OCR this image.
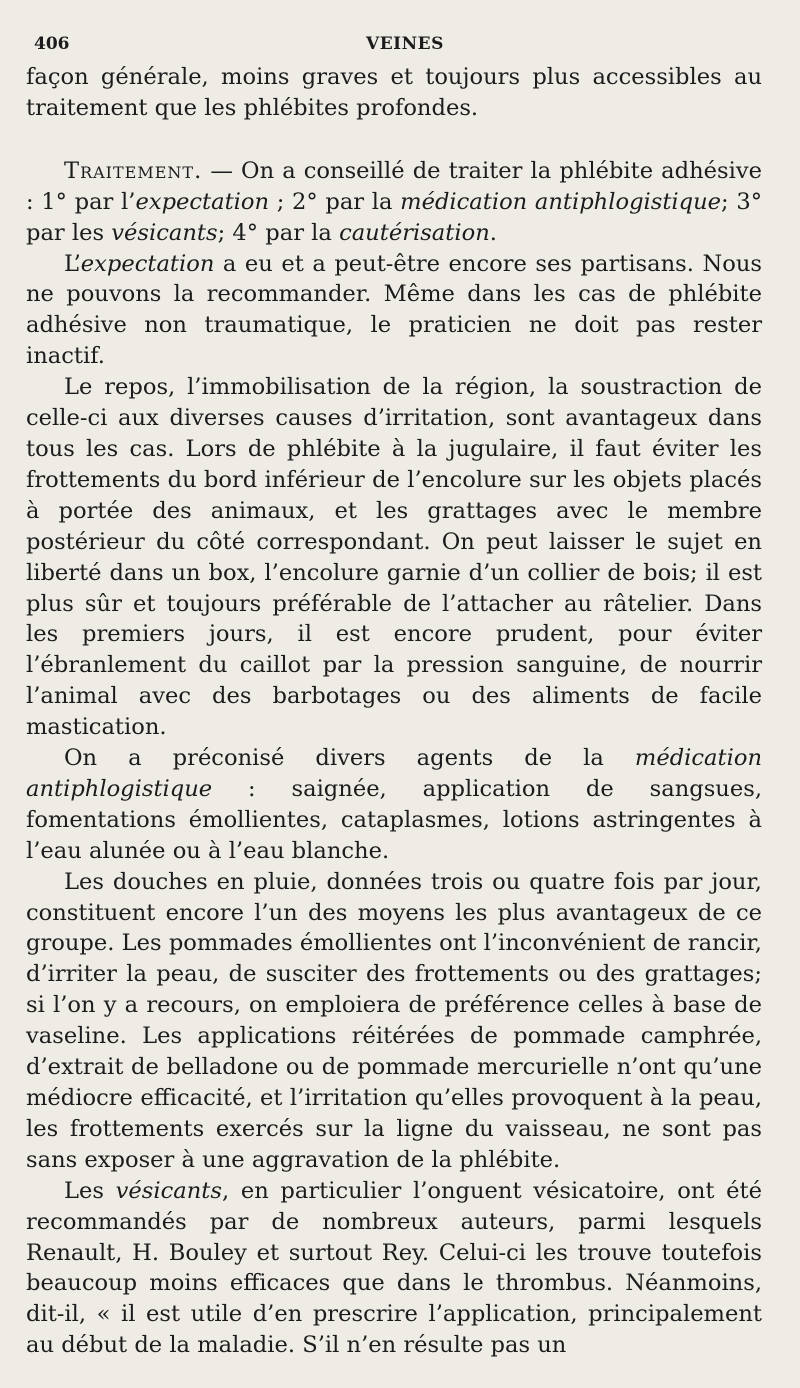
406	VEINES

façon générale, moins graves et toujours plus accessibles au traitement que les phlébites profondes.

Traitement. — On a conseillé de traiter la phlébite adhésive : 1° par l’expectation ; 2° par la médication antiphlogistique; 3° par les vésicants; 4° par la cautérisation.

L’expectation a eu et a peut-être encore ses partisans. Nous ne pouvons la recommander. Même dans les cas de phlébite adhésive non traumatique, le praticien ne doit pas rester inactif.

Le repos, l’immobilisation de la région, la soustraction de celle-ci aux diverses causes d’irritation, sont avantageux dans tous les cas. Lors de phlébite à la jugulaire, il faut éviter les frottements du bord inférieur de l’encolure sur les objets placés à portée des animaux, et les grattages avec le membre postérieur du côté correspondant. On peut laisser le sujet en liberté dans un box, l’encolure garnie d’un collier de bois; il est plus sûr et toujours préférable de l’attacher au râtelier. Dans les premiers jours, il est encore prudent, pour éviter l’ébranlement du caillot par la pression sanguine, de nourrir l’animal avec des barbotages ou des aliments de facile mastication.

On a préconisé divers agents de la médication antiphlogistique : saignée, application de sangsues, fomentations émollientes, cataplasmes, lotions astringentes à l’eau alunée ou à l’eau blanche.

Les douches en pluie, données trois ou quatre fois par jour, constituent encore l’un des moyens les plus avantageux de ce groupe. Les pommades émollientes ont l’inconvénient de rancir, d’irriter la peau, de susciter des frottements ou des grattages; si l’on y a recours, on emploiera de préférence celles à base de vaseline. Les applications réitérées de pommade camphrée, d’extrait de belladone ou de pommade mercurielle n’ont qu’une médiocre efficacité, et l’irritation qu’elles provoquent à la peau, les frottements exercés sur la ligne du vaisseau, ne sont pas sans exposer à une aggravation de la phlébite.

Les vésicants, en particulier l’onguent vésicatoire, ont été recommandés par de nombreux auteurs, parmi lesquels Renault, H. Bouley et surtout Rey. Celui-ci les trouve toutefois beaucoup moins efficaces que dans le thrombus. Néanmoins, dit-il, « il est utile d’en prescrire l’application, principalement au début de la maladie. S’il n’en résulte pas un
